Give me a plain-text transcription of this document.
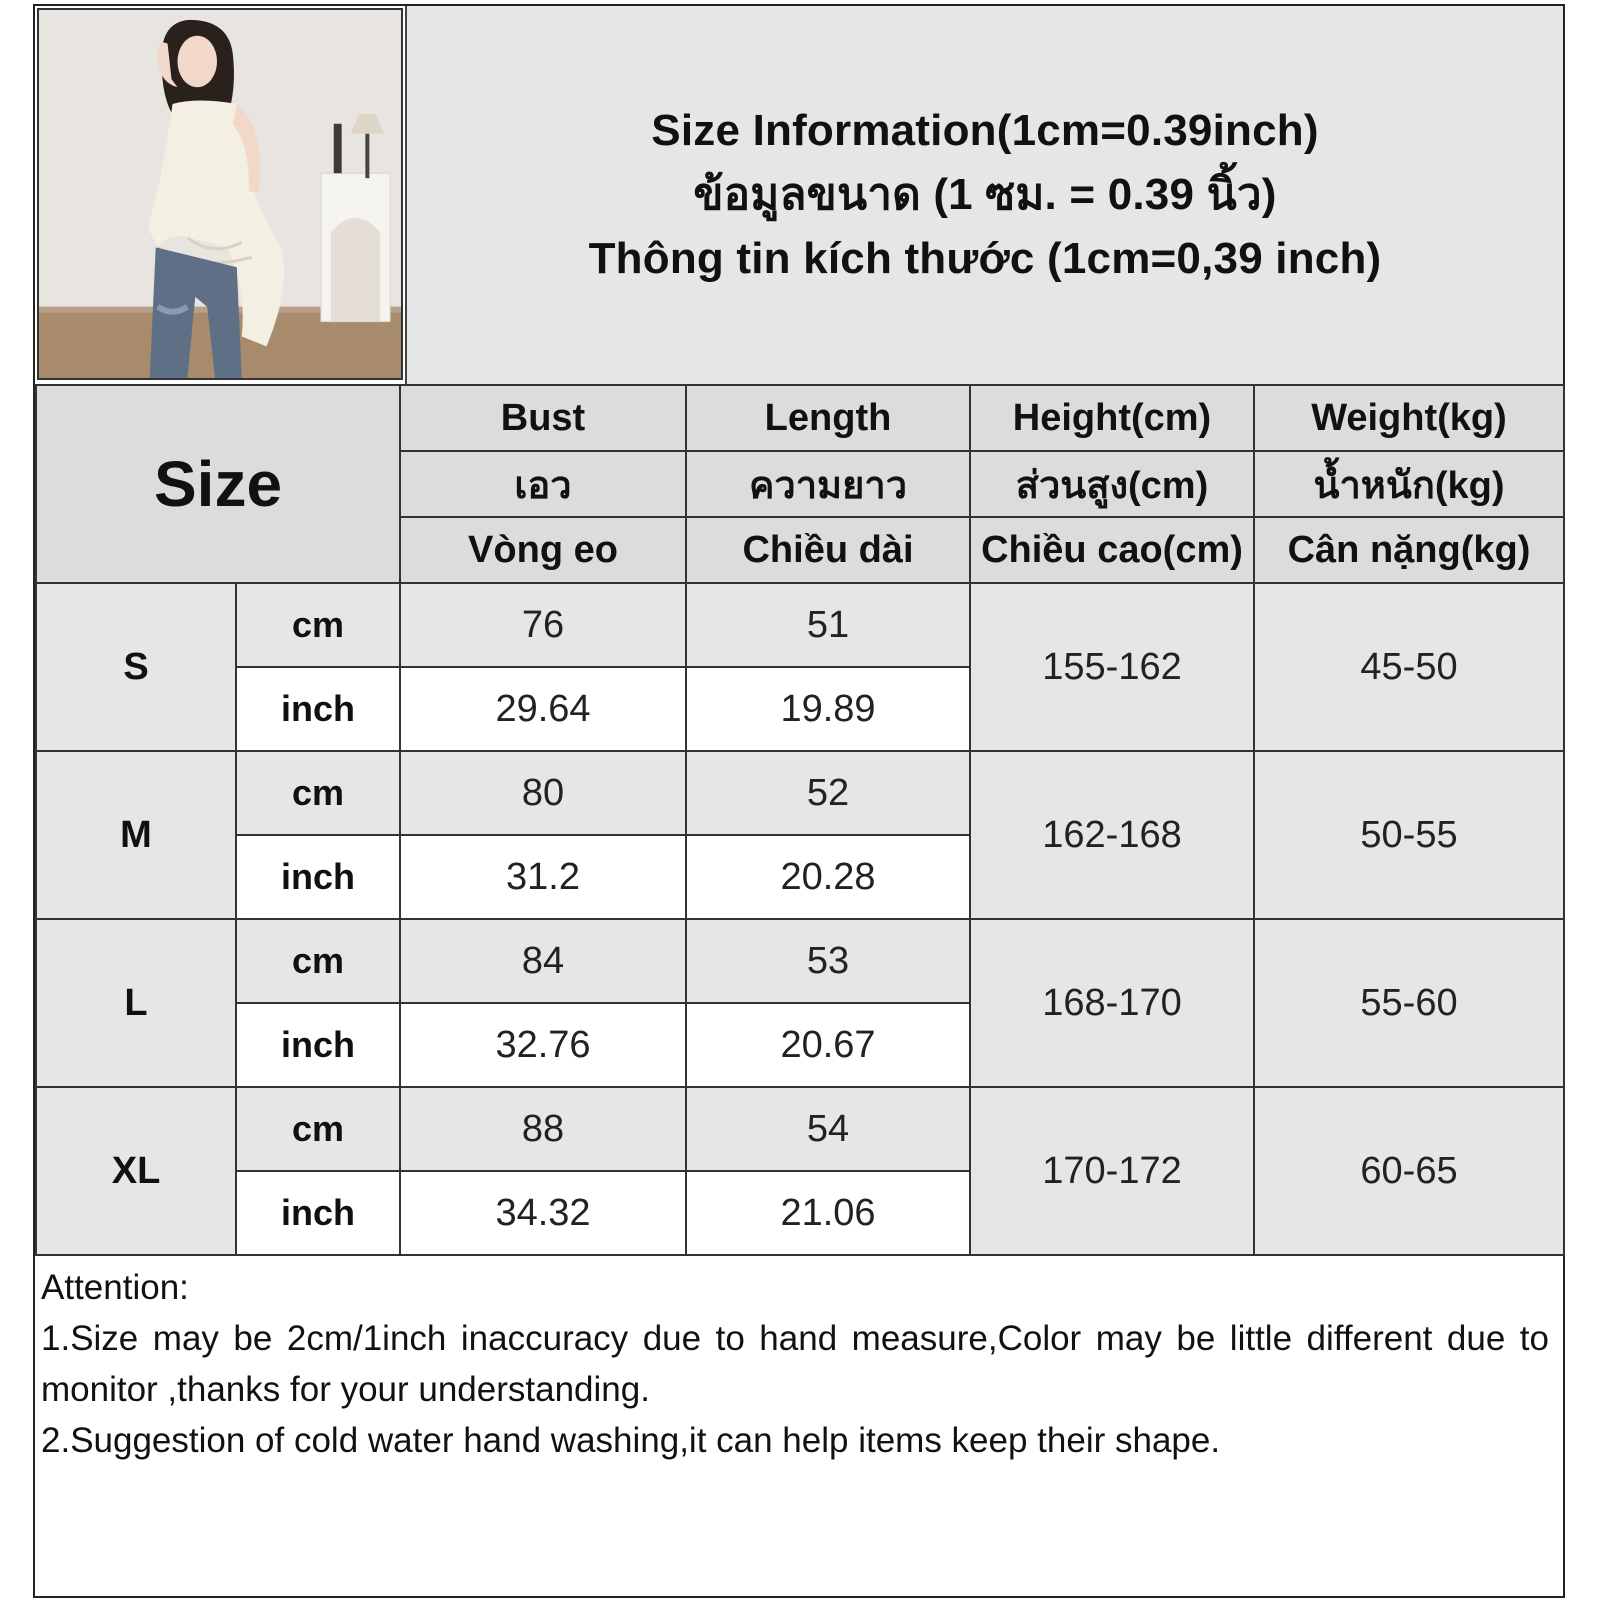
Size Information(1cm=0.39inch)
ข้อมูลขนาด (1 ซม. = 0.39 นิ้ว)
Thông tin kích thước (1cm=0,39 inch)
Size		Bust	Length	Height(cm)	Weight(kg)
		เอว	ความยาว	ส่วนสูง(cm)	น้ำหนัก(kg)
		Vòng eo	Chiều dài	Chiều cao(cm)	Cân nặng(kg)
S	cm	76	51	155-162	45-50
	inch	29.64	19.89		
M	cm	80	52	162-168	50-55
	inch	31.2	20.28		
L	cm	84	53	168-170	55-60
	inch	32.76	20.67		
XL	cm	88	54	170-172	60-65
	inch	34.32	21.06		
Attention:
1.Size may be 2cm/1inch inaccuracy due to hand measure,Color may be little different due to monitor ,thanks for your understanding.
2.Suggestion of cold water hand washing,it can help items keep their shape.
